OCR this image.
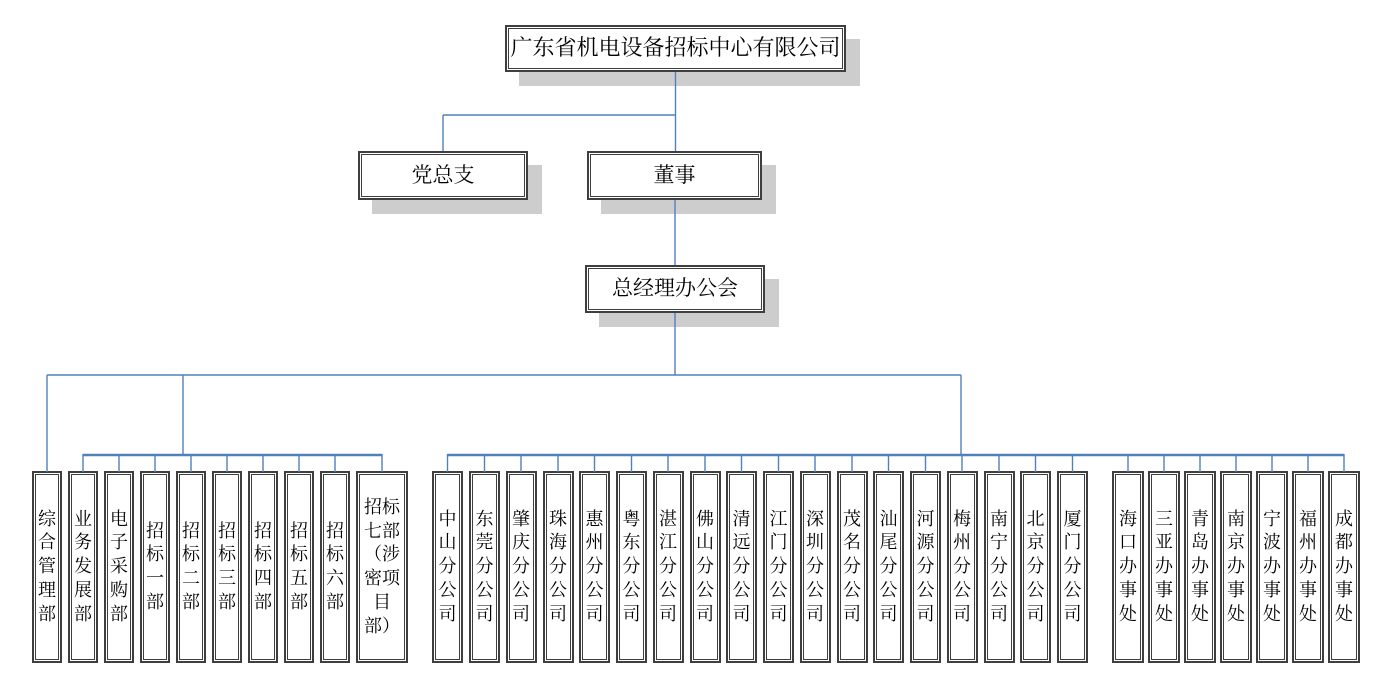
广东省机电设备招标中心有限公司
党总支	董事
总经理办公会
综合管理部
业务发展部
电子采购部
招标一部
招标二部
招标三部
招标四部
招标五部
招标六部
招标七部（涉密项目部）
中山分公司
东莞分公司
肇庆分公司
珠海分公司
惠州分公司
粤东分公司
湛江分公司
佛山分公司
清远分公司
江门分公司
深圳分公司
茂名分公司
汕尾分公司
河源分公司
梅州分公司
南宁分公司
北京分公司
厦门分公司
海口办事处
三亚办事处
青岛办事处
南京办事处
宁波办事处
福州办事处
成都办事处
